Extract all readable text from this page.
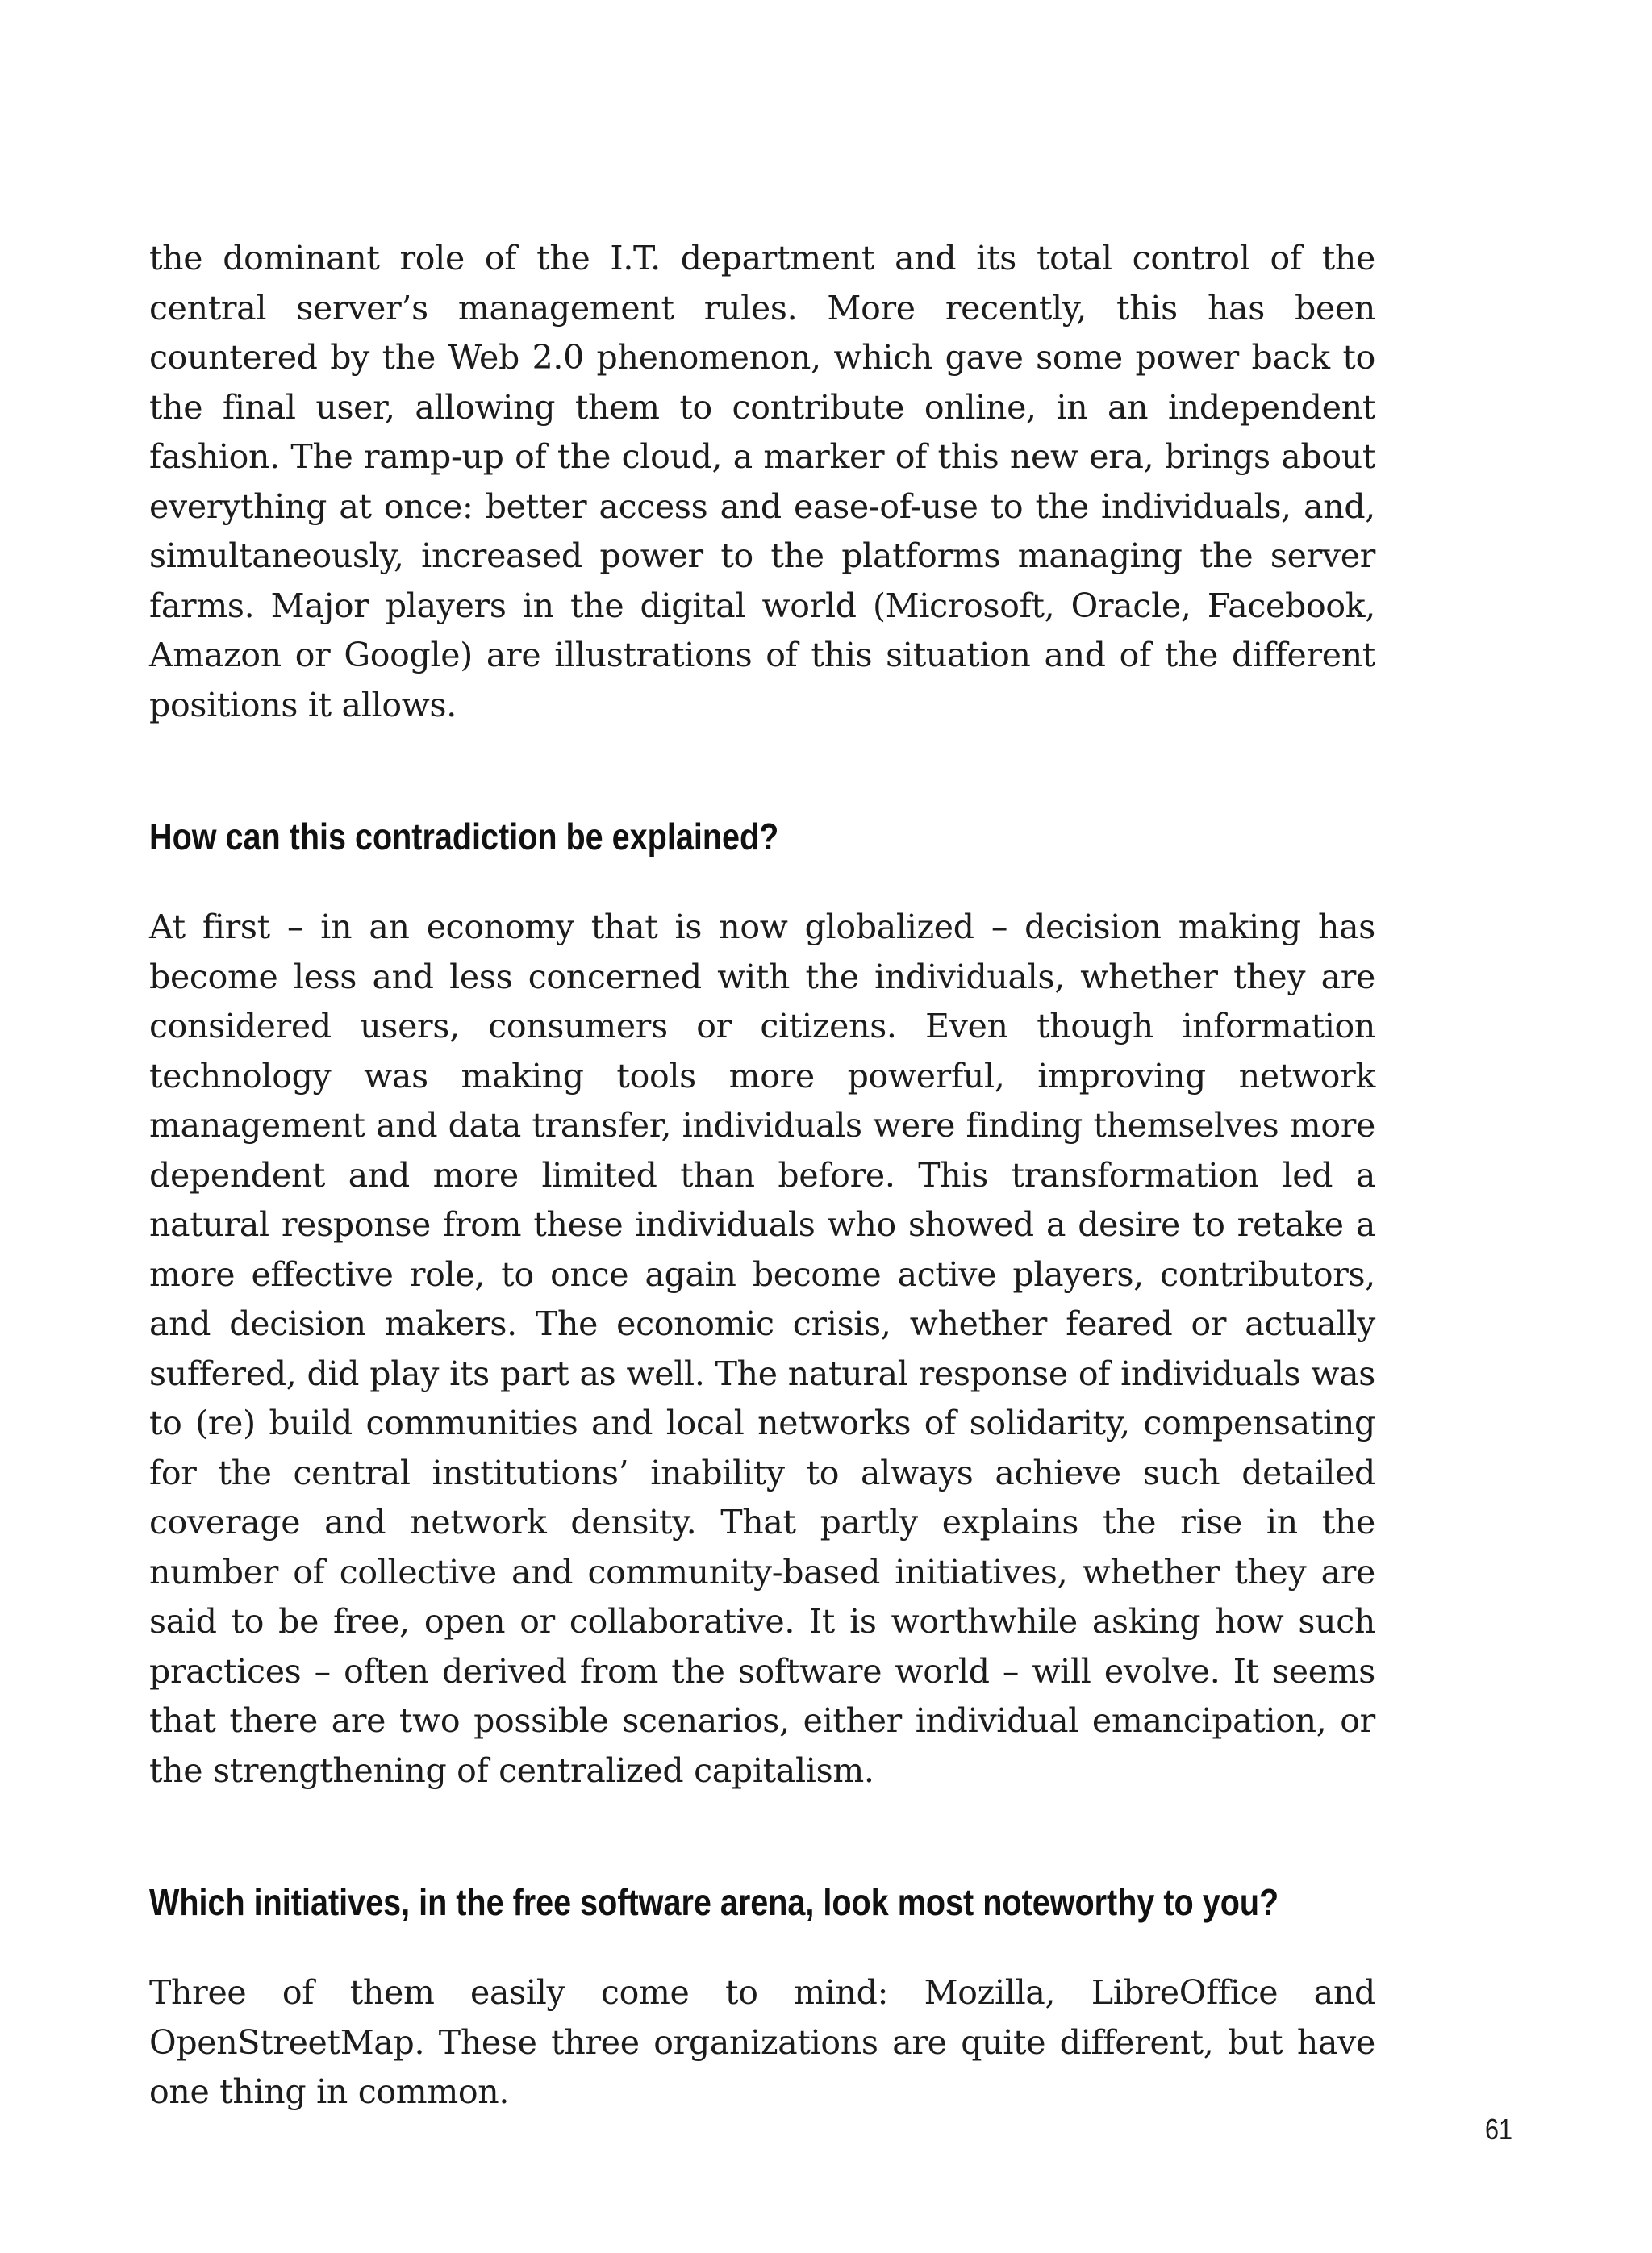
the dominant role of the I.T. department and its total control of the central server’s management rules. More recently, this has been countered by the Web 2.0 phenomenon, which gave some power back to the final user, allowing them to contribute online, in an independent fashion. The ramp-up of the cloud, a marker of this new era, brings about everything at once: better access and ease-of-use to the individuals, and, simultaneously, increased power to the platforms managing the server farms. Major players in the digital world (Microsoft, Oracle, Facebook, Amazon or Google) are illustrations of this situation and of the different positions it allows.

How can this contradiction be explained?

At first – in an economy that is now globalized – decision making has become less and less concerned with the individuals, whether they are considered users, consumers or citizens. Even though information technology was making tools more powerful, improving network management and data transfer, individuals were finding themselves more dependent and more limited than before. This transformation led a natural response from these individuals who showed a desire to retake a more effective role, to once again become active players, contributors, and decision makers. The economic crisis, whether feared or actually suffered, did play its part as well. The natural response of individuals was to (re) build communities and local networks of solidarity, compensating for the central institutions’ inability to always achieve such detailed coverage and network density. That partly explains the rise in the number of collective and community-based initiatives, whether they are said to be free, open or collaborative. It is worthwhile asking how such practices – often derived from the software world – will evolve. It seems that there are two possible scenarios, either individual emancipation, or the strengthening of centralized capitalism.

Which initiatives, in the free software arena, look most noteworthy to you?

Three of them easily come to mind: Mozilla, LibreOffice and OpenStreetMap. These three organizations are quite different, but have one thing in common.

61
